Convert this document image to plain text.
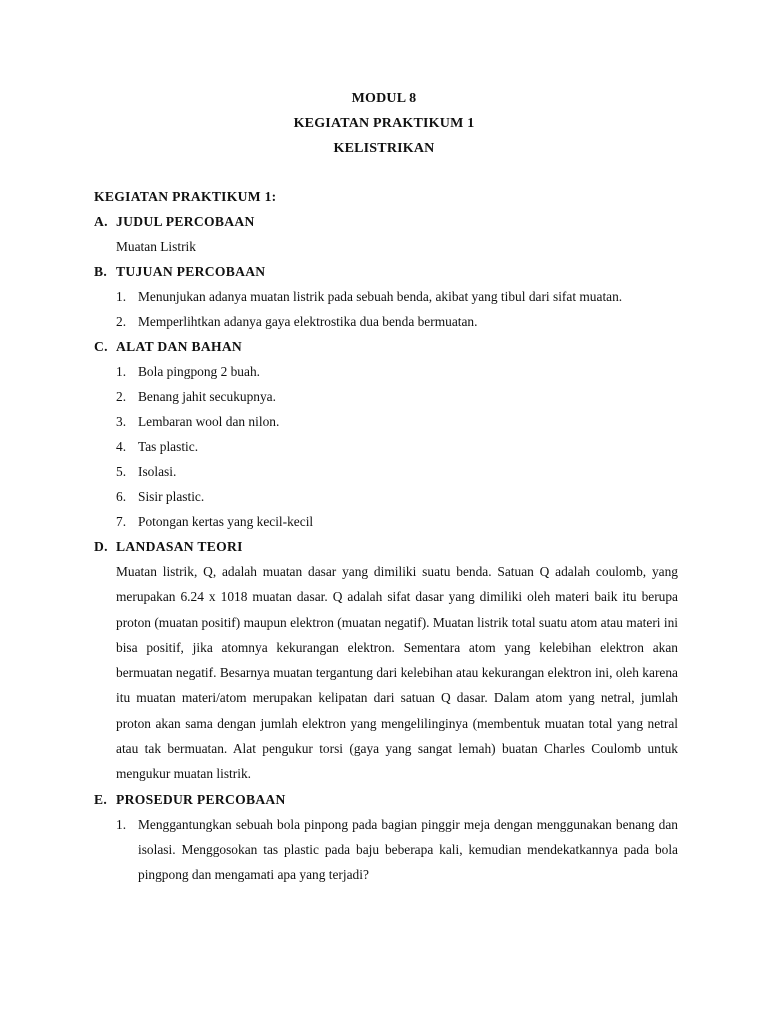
MODUL 8
KEGIATAN PRAKTIKUM 1
KELISTRIKAN
KEGIATAN PRAKTIKUM 1:
A. JUDUL PERCOBAAN
Muatan Listrik
B. TUJUAN PERCOBAAN
1. Menunjukan adanya muatan listrik pada sebuah benda, akibat yang tibul dari sifat muatan.
2. Memperlihtkan adanya gaya elektrostika dua benda bermuatan.
C. ALAT DAN BAHAN
1. Bola pingpong 2 buah.
2. Benang jahit secukupnya.
3. Lembaran wool dan nilon.
4. Tas plastic.
5. Isolasi.
6. Sisir plastic.
7. Potongan kertas yang kecil-kecil
D. LANDASAN TEORI
Muatan listrik, Q, adalah muatan dasar yang dimiliki suatu benda. Satuan Q adalah coulomb, yang merupakan 6.24 x 1018 muatan dasar. Q adalah sifat dasar yang dimiliki oleh materi baik itu berupa proton (muatan positif) maupun elektron (muatan negatif). Muatan listrik total suatu atom atau materi ini bisa positif, jika atomnya kekurangan elektron. Sementara atom yang kelebihan elektron akan bermuatan negatif. Besarnya muatan tergantung dari kelebihan atau kekurangan elektron ini, oleh karena itu muatan materi/atom merupakan kelipatan dari satuan Q dasar. Dalam atom yang netral, jumlah proton akan sama dengan jumlah elektron yang mengelilinginya (membentuk muatan total yang netral atau tak bermuatan. Alat pengukur torsi (gaya yang sangat lemah) buatan Charles Coulomb untuk mengukur muatan listrik.
E. PROSEDUR PERCOBAAN
1. Menggantungkan sebuah bola pinpong pada bagian pinggir meja dengan menggunakan benang dan isolasi. Menggosokan tas plastic pada baju beberapa kali, kemudian mendekatkannya pada bola pingpong dan mengamati apa yang terjadi?
